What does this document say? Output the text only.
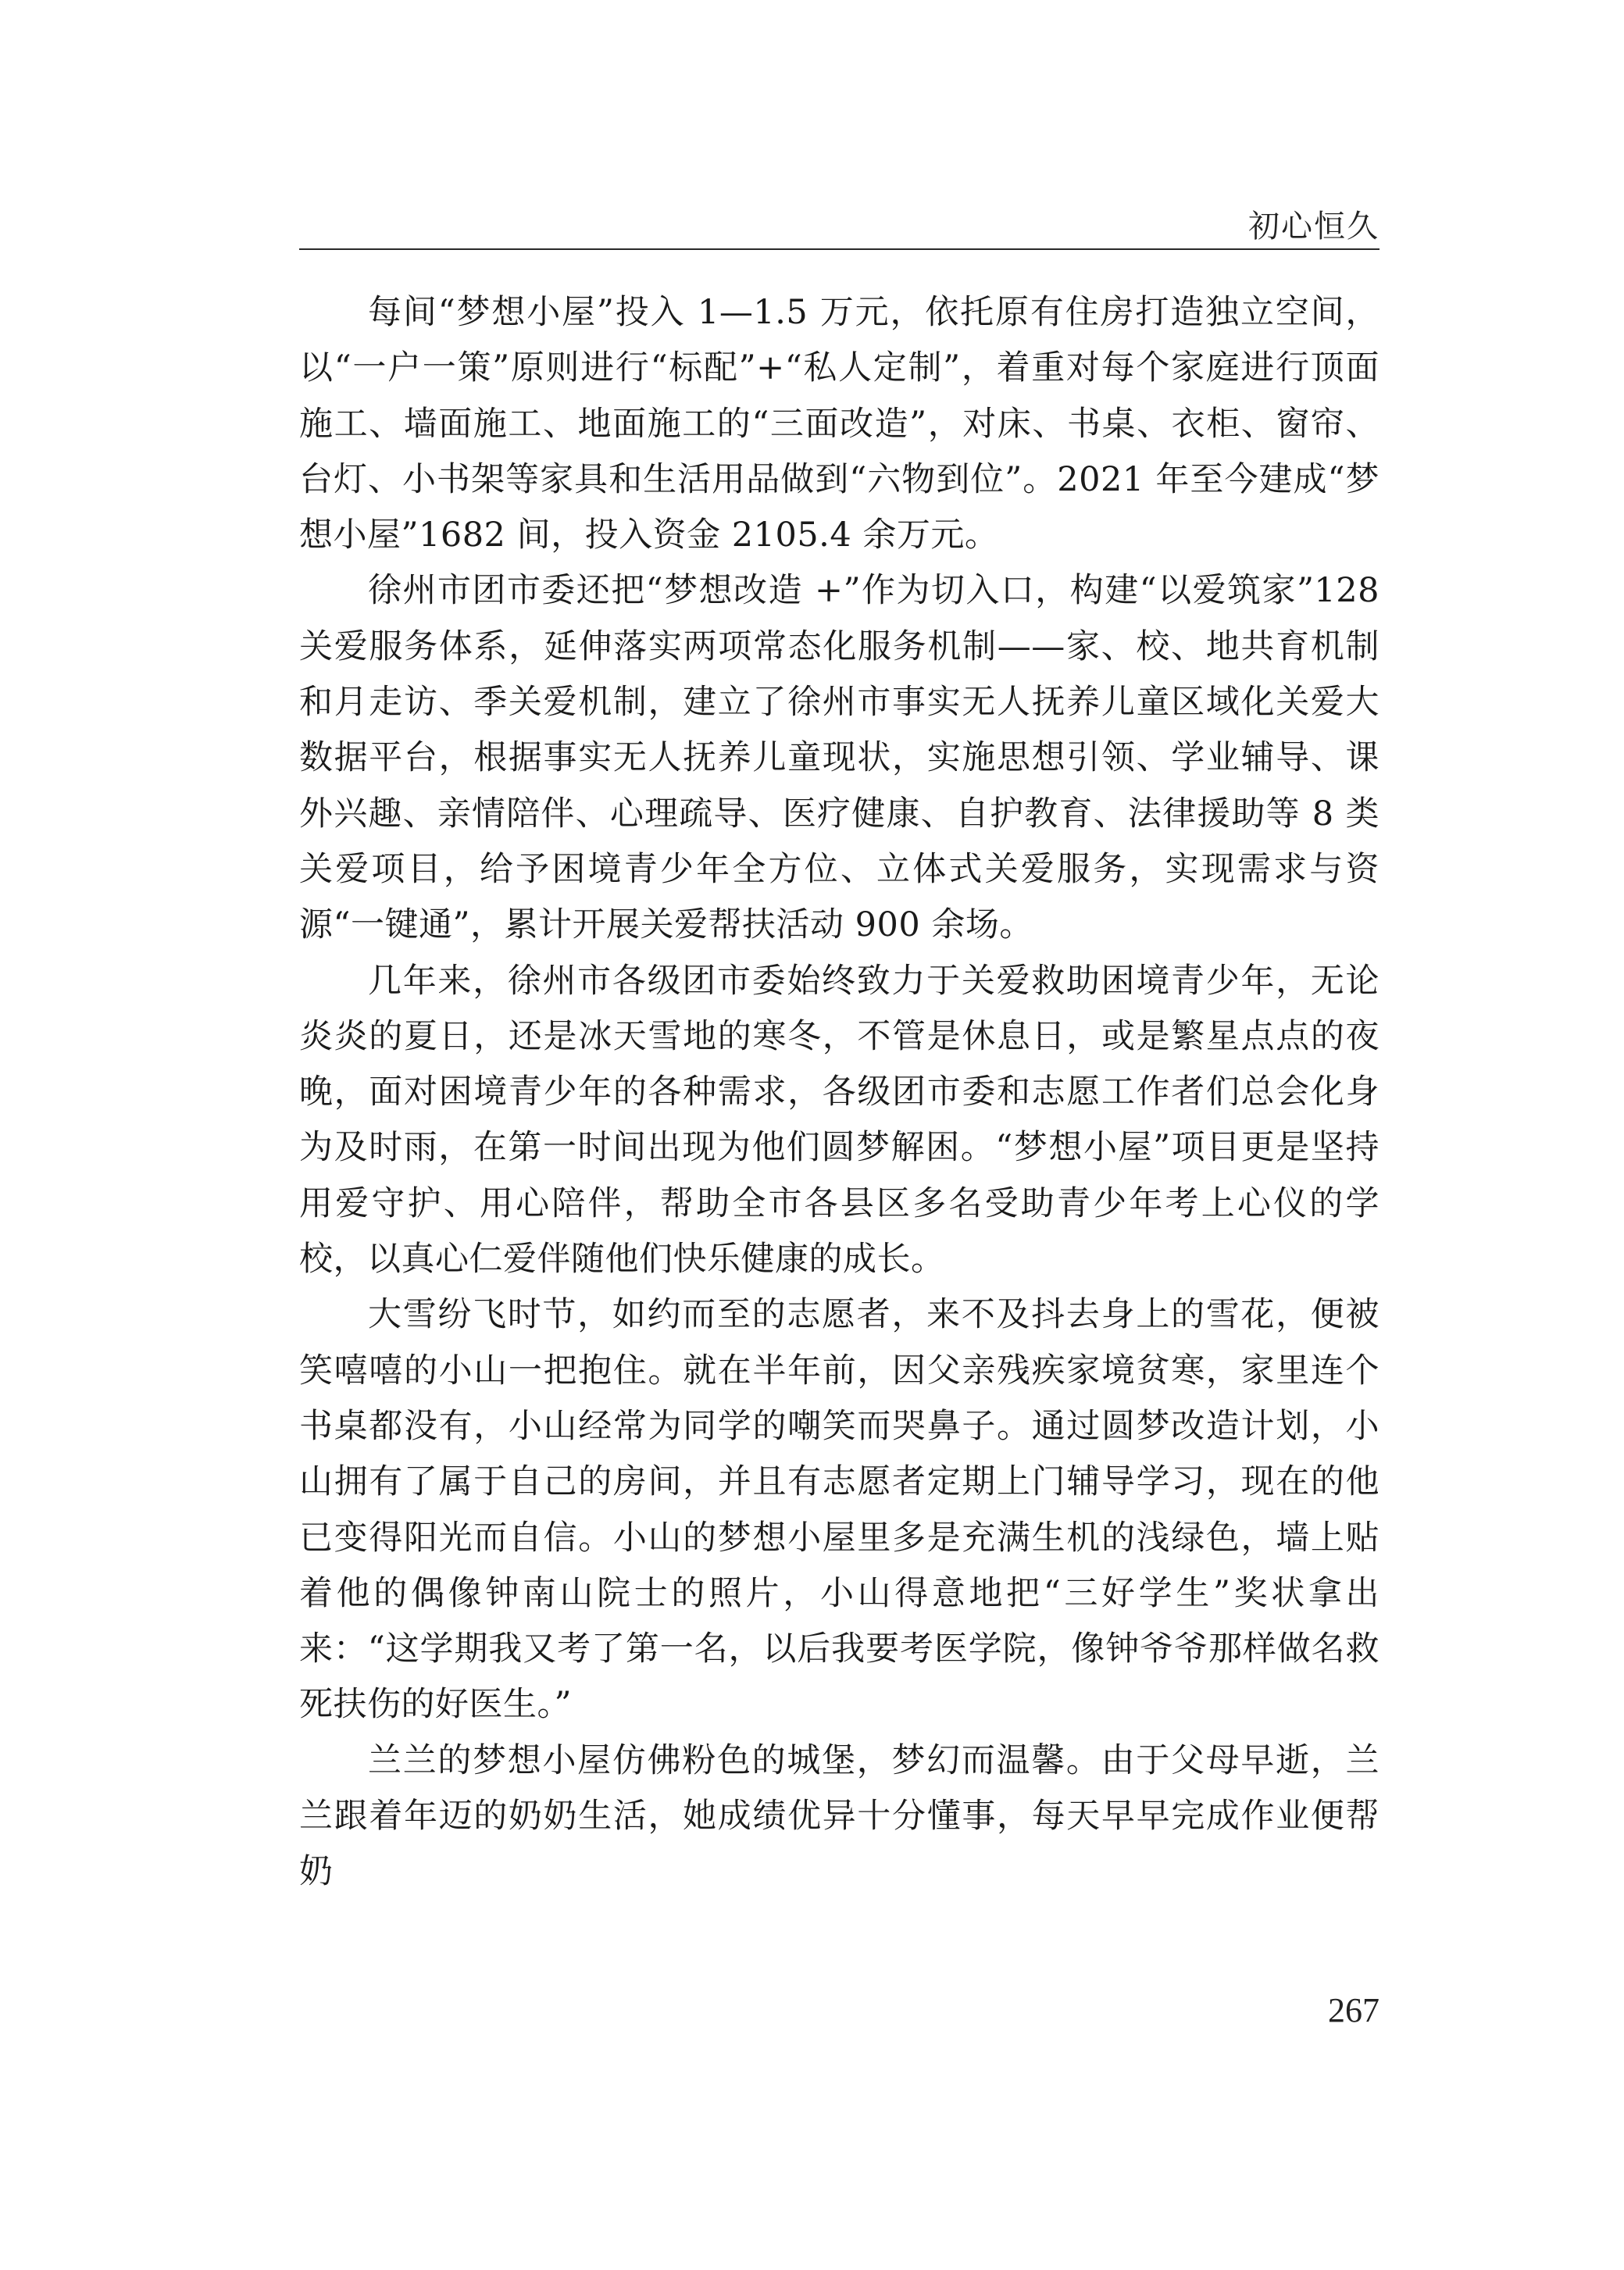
初心恒久

每间“梦想小屋”投入 1—1.5 万元，依托原有住房打造独立空间，以“一户一策”原则进行“标配”+“私人定制”，着重对每个家庭进行顶面施工、墙面施工、地面施工的“三面改造”，对床、书桌、衣柜、窗帘、台灯、小书架等家具和生活用品做到“六物到位”。2021 年至今建成“梦想小屋”1682 间，投入资金 2105.4 余万元。

徐州市团市委还把“梦想改造 +”作为切入口，构建“以爱筑家”128 关爱服务体系，延伸落实两项常态化服务机制——家、校、地共育机制和月走访、季关爱机制，建立了徐州市事实无人抚养儿童区域化关爱大数据平台，根据事实无人抚养儿童现状，实施思想引领、学业辅导、课外兴趣、亲情陪伴、心理疏导、医疗健康、自护教育、法律援助等 8 类关爱项目，给予困境青少年全方位、立体式关爱服务，实现需求与资源“一键通”，累计开展关爱帮扶活动 900 余场。

几年来，徐州市各级团市委始终致力于关爱救助困境青少年，无论炎炎的夏日，还是冰天雪地的寒冬，不管是休息日，或是繁星点点的夜晚，面对困境青少年的各种需求，各级团市委和志愿工作者们总会化身为及时雨，在第一时间出现为他们圆梦解困。“梦想小屋”项目更是坚持用爱守护、用心陪伴，帮助全市各县区多名受助青少年考上心仪的学校，以真心仁爱伴随他们快乐健康的成长。

大雪纷飞时节，如约而至的志愿者，来不及抖去身上的雪花，便被笑嘻嘻的小山一把抱住。就在半年前，因父亲残疾家境贫寒，家里连个书桌都没有，小山经常为同学的嘲笑而哭鼻子。通过圆梦改造计划，小山拥有了属于自己的房间，并且有志愿者定期上门辅导学习，现在的他已变得阳光而自信。小山的梦想小屋里多是充满生机的浅绿色，墙上贴着他的偶像钟南山院士的照片，小山得意地把“三好学生”奖状拿出来：“这学期我又考了第一名，以后我要考医学院，像钟爷爷那样做名救死扶伤的好医生。”

兰兰的梦想小屋仿佛粉色的城堡，梦幻而温馨。由于父母早逝，兰兰跟着年迈的奶奶生活，她成绩优异十分懂事，每天早早完成作业便帮奶

267
